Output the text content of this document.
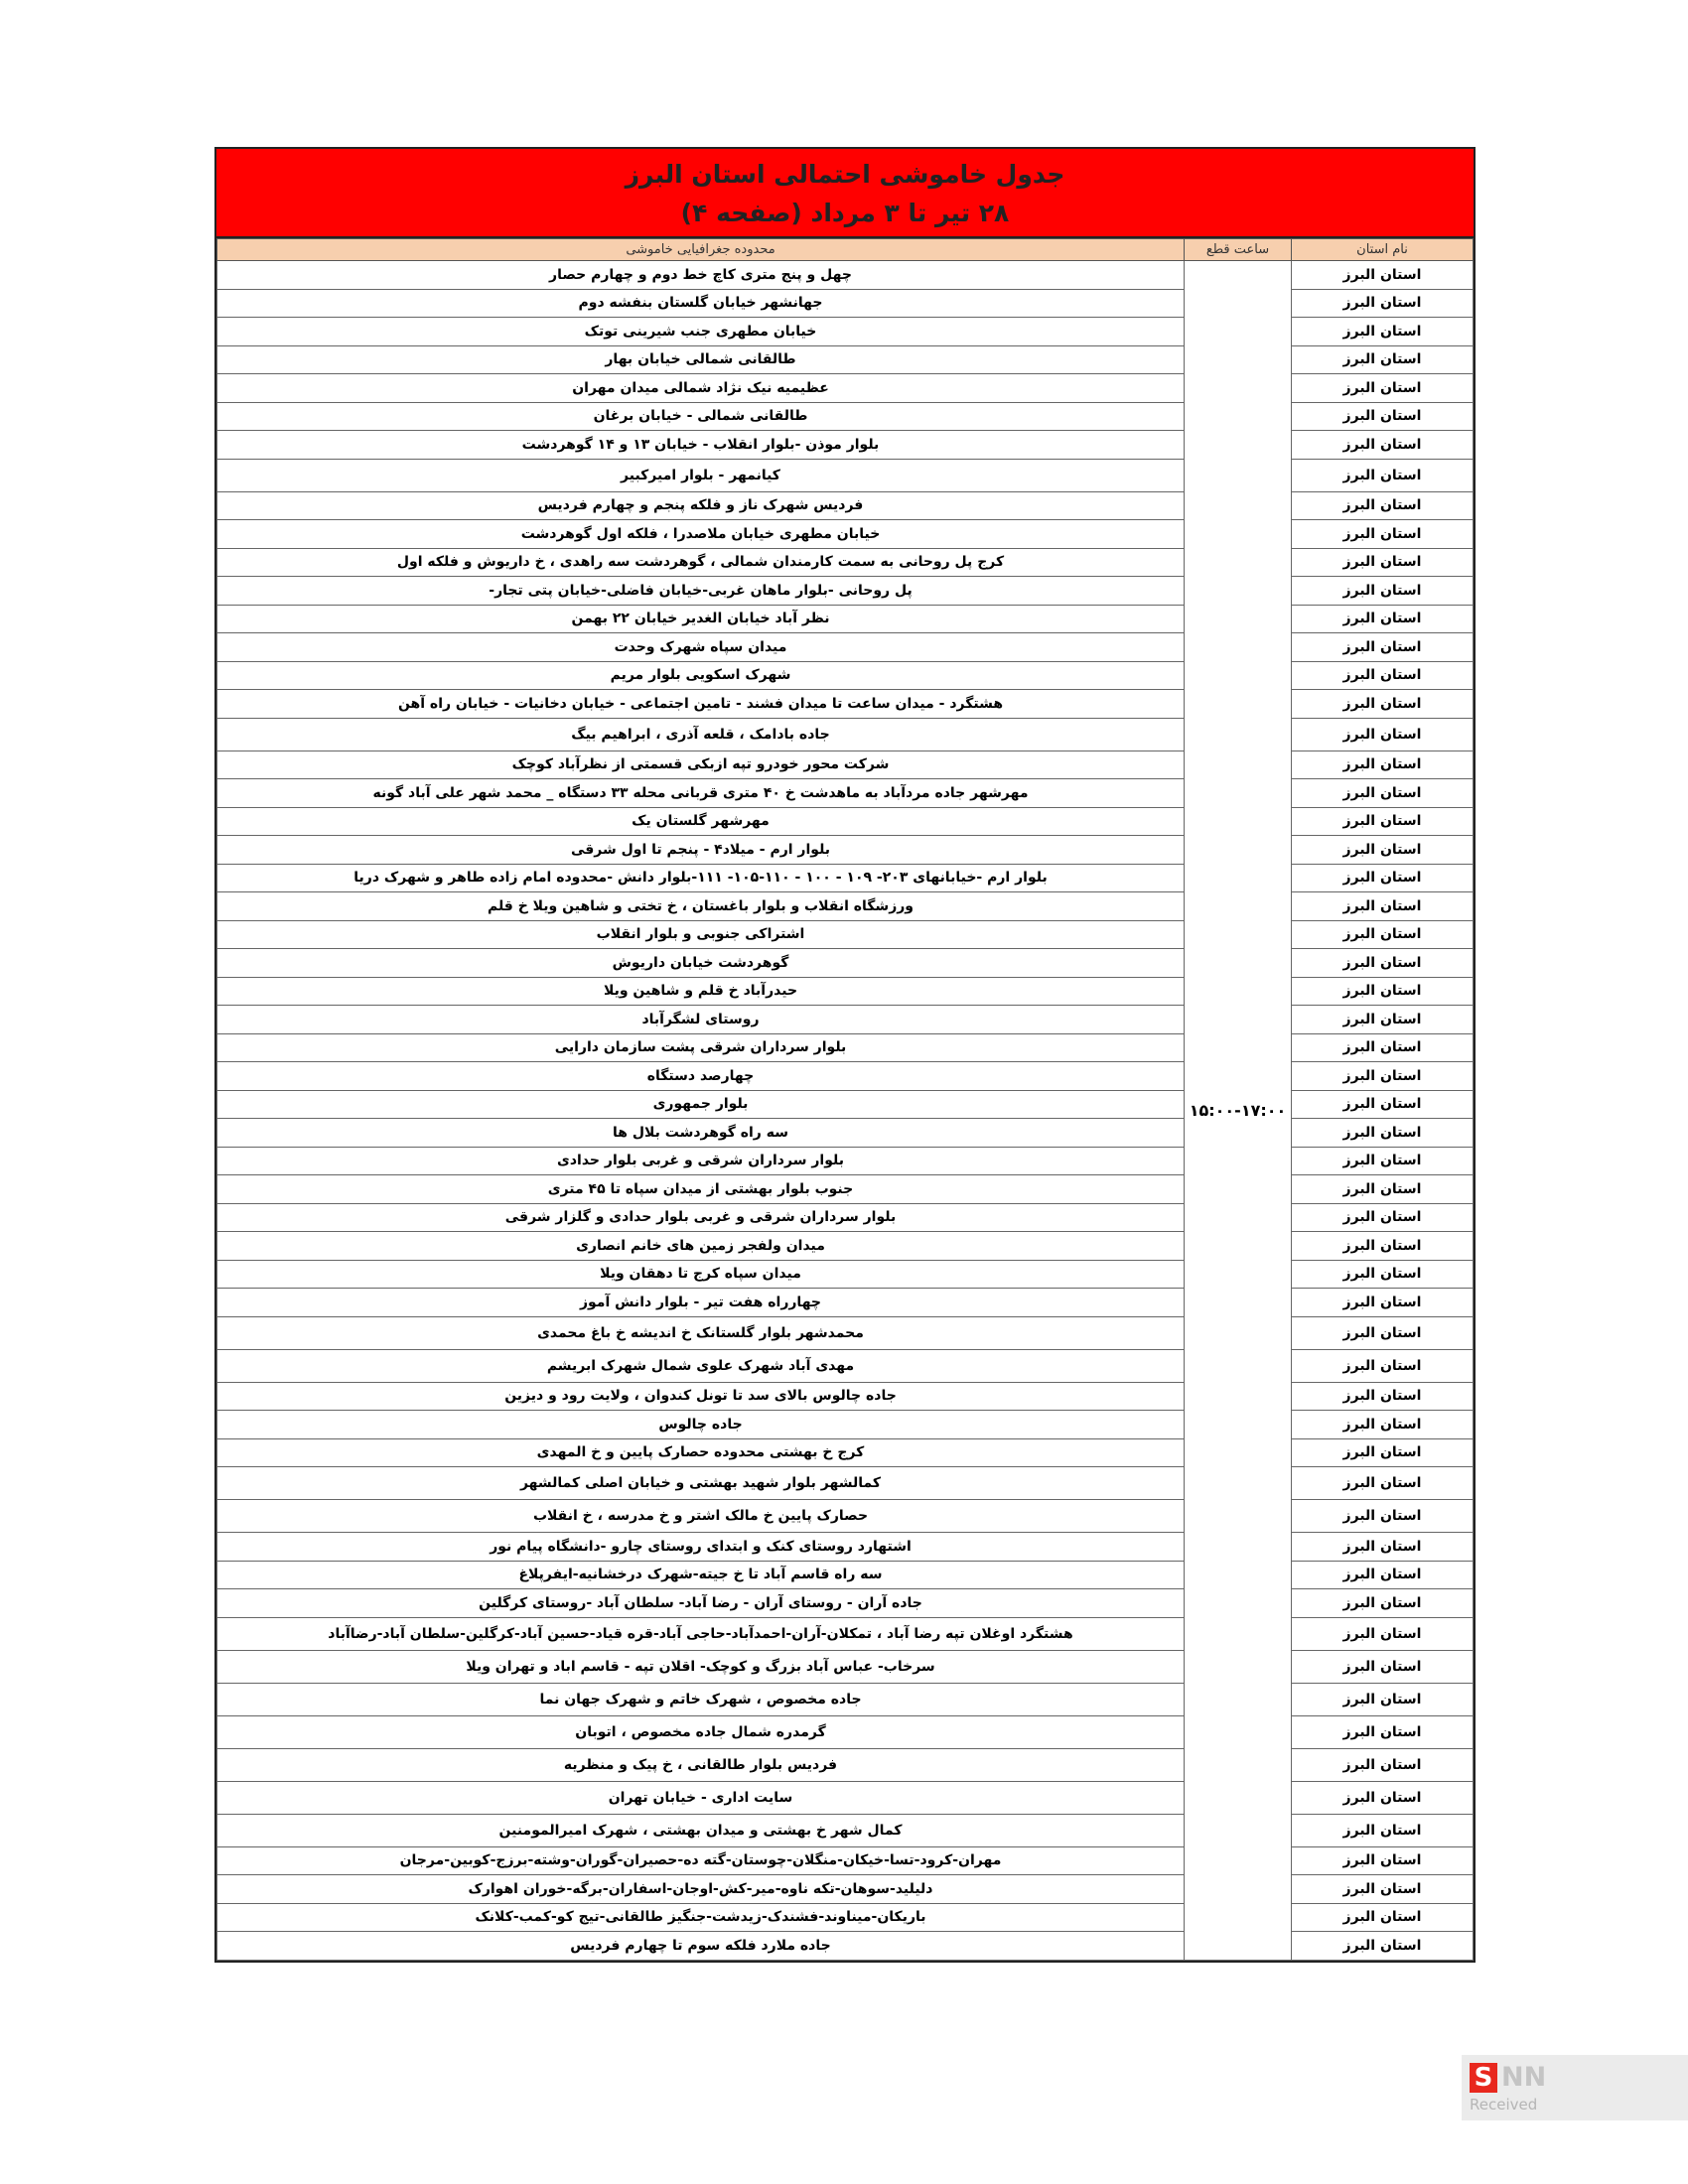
جدول خاموشی احتمالی استان البرز
۲۸ تیر تا ۳ مرداد (صفحه ۴)
نام استان	ساعت قطع	محدوده جغرافیایی خاموشی
استان البرز	۱۵:۰۰-۱۷:۰۰	چهل و پنج متری کاچ خط دوم و چهارم حصار
استان البرز		جهانشهر خیابان گلستان بنفشه دوم
استان البرز		خیابان مطهری جنب شیرینی توتک
استان البرز		طالقانی شمالی خیابان بهار
استان البرز		عظیمیه نیک نژاد شمالی میدان مهران
استان البرز		طالقانی شمالی - خیابان برغان
استان البرز		بلوار موذن -بلوار انقلاب - خیابان ۱۳ و ۱۴ گوهردشت
استان البرز		کیانمهر - بلوار امیرکبیر
استان البرز		فردیس شهرک ناز و فلکه پنجم و چهارم فردیس
استان البرز		خیابان مطهری خیابان ملاصدرا ، فلکه اول گوهردشت
استان البرز		کرج پل روحانی به سمت کارمندان شمالی ، گوهردشت سه راهدی ، خ داریوش و فلکه اول
استان البرز		پل روحانی -بلوار ماهان غربی-خیابان فاضلی-خیابان پتی تجار-
استان البرز		نظر آباد خیابان الغدیر خیابان ۲۲ بهمن
استان البرز		میدان سپاه شهرک وحدت
استان البرز		شهرک اسکویی بلوار مریم
استان البرز		هشتگرد - میدان ساعت تا میدان فشند - تامین اجتماعی - خیابان دخانیات - خیابان راه آهن
استان البرز		جاده بادامک ، قلعه آذری ، ابراهیم بیگ
استان البرز		شرکت محور خودرو تپه ازبکی قسمتی از نظرآباد کوچک
استان البرز		مهرشهر جاده مردآباد به ماهدشت خ ۴۰ متری قربانی محله ۳۳ دستگاه _ محمد شهر علی آباد گونه
استان البرز		مهرشهر گلستان یک
استان البرز		بلوار ارم - میلاد۴ - پنجم تا اول شرقی
استان البرز		بلوار ارم -خیابانهای ۲۰۳- ۱۰۹ - ۱۰۰ - ۱۱۰-۱۰۵- ۱۱۱-بلوار دانش -محدوده امام زاده طاهر و شهرک دریا
استان البرز		ورزشگاه انقلاب و بلوار باغستان ، خ تختی و شاهین ویلا خ قلم
استان البرز		اشتراکی جنوبی و بلوار انقلاب
استان البرز		گوهردشت خیابان داریوش
استان البرز		حیدرآباد خ قلم و شاهین ویلا
استان البرز		روستای لشگرآباد
استان البرز		بلوار سرداران شرقی پشت سازمان دارایی
استان البرز		چهارصد دستگاه
استان البرز		بلوار جمهوری
استان البرز		سه راه گوهردشت بلال ها
استان البرز		بلوار سرداران شرقی و غربی بلوار حدادی
استان البرز		جنوب بلوار بهشتی از میدان سپاه تا ۴۵ متری
استان البرز		بلوار سرداران شرقی و غربی بلوار حدادی و گلزار شرقی
استان البرز		میدان ولفجر زمین های خانم انصاری
استان البرز		میدان سپاه کرج تا دهقان ویلا
استان البرز		چهارراه هفت تیر - بلوار دانش آموز
استان البرز		محمدشهر بلوار گلستانک خ اندیشه خ باغ محمدی
استان البرز		مهدی آباد شهرک علوی شمال شهرک ابریشم
استان البرز		جاده چالوس بالای سد تا تونل کندوان ، ولایت رود و دیزین
استان البرز		جاده چالوس
استان البرز		کرج خ بهشتی محدوده حصارک پایین و خ المهدی
استان البرز		کمالشهر بلوار شهید بهشتی و خیابان اصلی کمالشهر
استان البرز		حصارک پایین خ مالک اشتر و خ مدرسه ، خ انقلاب
استان البرز		اشتهارد روستای کنک و ابتدای روستای چارو -دانشگاه پیام نور
استان البرز		سه راه قاسم آباد تا خ جیته-شهرک درخشانیه-ایفرپلاغ
استان البرز		جاده آران - روستای آران - رضا آباد- سلطان آباد -روستای کرگلین
استان البرز		هشتگرد اوغلان تپه رضا آباد ، تمکلان-آران-احمدآباد-حاجی آباد-قره قیاد-حسین آباد-کرگلین-سلطان آباد-رضاآباد
استان البرز		سرخاب- عباس آباد بزرگ و کوچک- اقلان تپه - قاسم اباد و تهران ویلا
استان البرز		جاده مخصوص ، شهرک خاتم و شهرک جهان نما
استان البرز		گرمدره شمال جاده مخصوص ، اتوبان
استان البرز		فردیس بلوار طالقانی ، خ پیک و منظریه
استان البرز		سایت اداری - خیابان تهران
استان البرز		کمال شهر خ بهشتی و میدان بهشتی ، شهرک امیرالمومنین
استان البرز		مهران-کرود-تسا-خیکان-منگلان-چوستان-گته ده-حصیران-گوران-وشته-برزج-کوبین-مرجان
استان البرز		دلیلید-سوهان-تکه ناوه-میر-کش-اوجان-اسفاران-برگه-خوران اهوارک
استان البرز		باریکان-میناوند-فشندک-زیدشت-جنگیز طالقانی-تیج کو-کمب-کلانک
استان البرز		جاده ملارد فلکه سوم تا چهارم فردیس
S NN
Received
